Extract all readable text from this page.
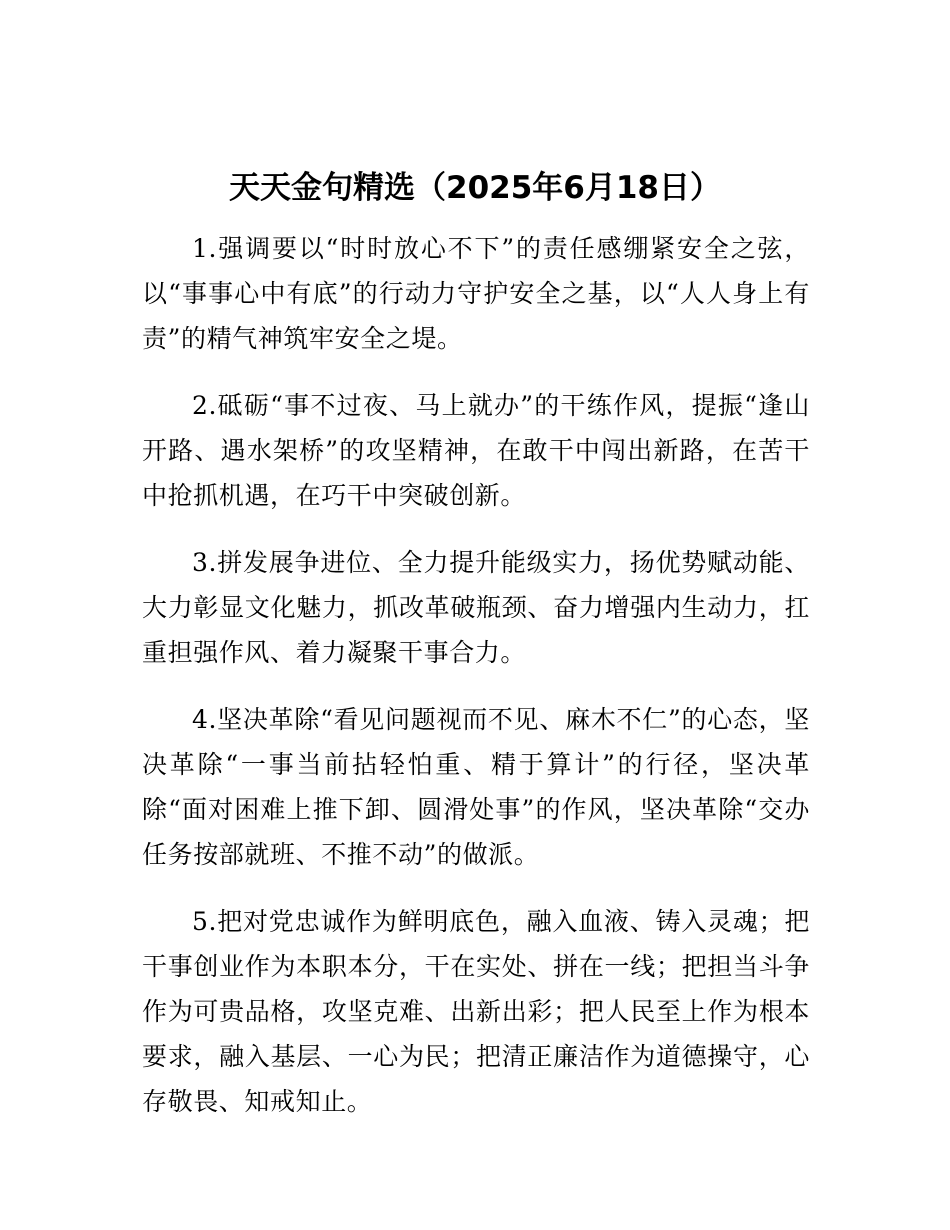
天天金句精选（2025年6月18日）

1.强调要以“时时放心不下”的责任感绷紧安全之弦，以“事事心中有底”的行动力守护安全之基，以“人人身上有责”的精气神筑牢安全之堤。

2.砥砺“事不过夜、马上就办”的干练作风，提振“逢山开路、遇水架桥”的攻坚精神，在敢干中闯出新路，在苦干中抢抓机遇，在巧干中突破创新。

3.拼发展争进位、全力提升能级实力，扬优势赋动能、大力彰显文化魅力，抓改革破瓶颈、奋力增强内生动力，扛重担强作风、着力凝聚干事合力。

4.坚决革除“看见问题视而不见、麻木不仁”的心态，坚决革除“一事当前拈轻怕重、精于算计”的行径，坚决革除“面对困难上推下卸、圆滑处事”的作风，坚决革除“交办任务按部就班、不推不动”的做派。

5.把对党忠诚作为鲜明底色，融入血液、铸入灵魂；把干事创业作为本职本分，干在实处、拼在一线；把担当斗争作为可贵品格，攻坚克难、出新出彩；把人民至上作为根本要求，融入基层、一心为民；把清正廉洁作为道德操守，心存敬畏、知戒知止。
